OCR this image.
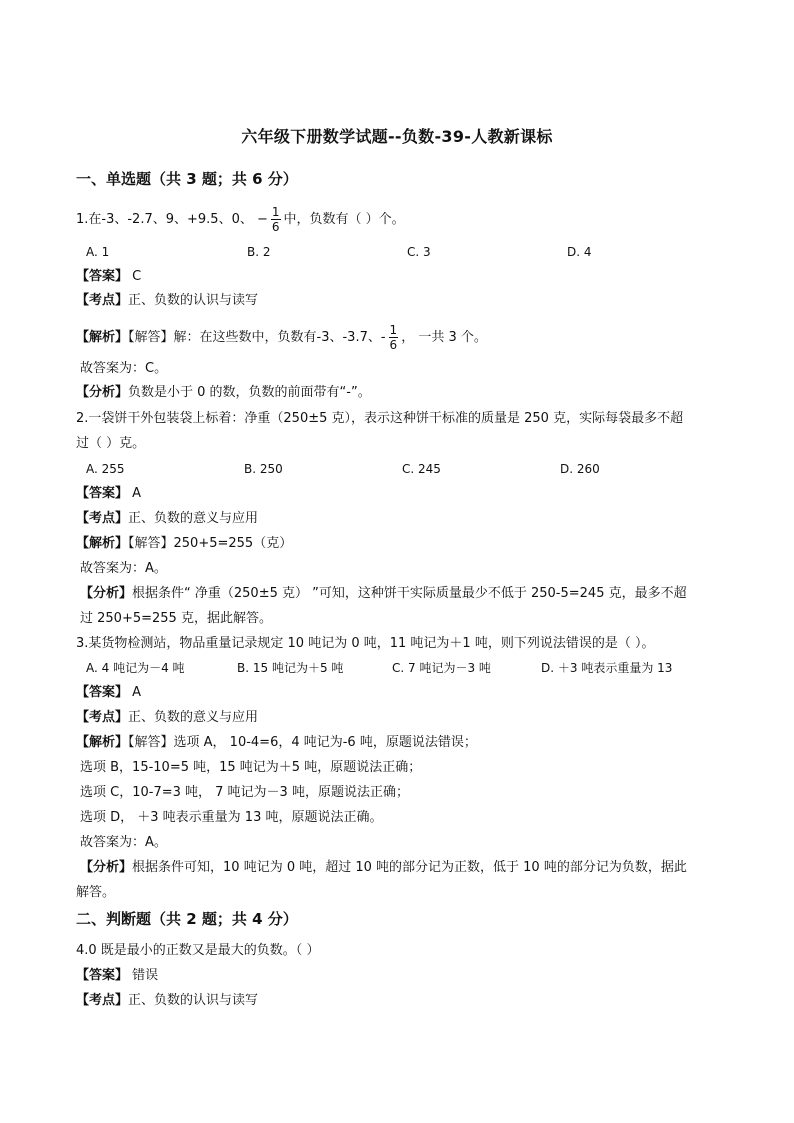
六年级下册数学试题--负数-39-人教新课标
一、单选题（共 3 题；共 6 分）
1.在-3、-2.7、9、+9.5、0、 − $\frac{1}{6}$ 中，负数有（ ）个。
A. 1	B. 2	C. 3	D. 4
【答案】 C
【考点】正、负数的认识与读写
【解析】【解答】解：在这些数中，负数有-3、-3.7、- $\frac{1}{6}$ ， 一共 3 个。
故答案为：C。
【分析】负数是小于 0 的数，负数的前面带有“-”。
2.一袋饼干外包装袋上标着：净重（250±5 克），表示这种饼干标准的质量是 250 克，实际每袋最多不超
过（ ）克。
A. 255	B. 250	C. 245	D. 260
【答案】 A
【考点】正、负数的意义与应用
【解析】【解答】250+5=255（克）
故答案为：A。
【分析】根据条件“ 净重（250±5 克） ”可知，这种饼干实际质量最少不低于 250-5=245 克，最多不超
过 250+5=255 克，据此解答。
3.某货物检测站，物品重量记录规定 10 吨记为 0 吨，11 吨记为＋1 吨，则下列说法错误的是（ ）。
A. 4 吨记为－4 吨	B. 15 吨记为＋5 吨	C. 7 吨记为－3 吨	D. ＋3 吨表示重量为 13
【答案】 A
【考点】正、负数的意义与应用
【解析】【解答】选项 A， 10-4=6，4 吨记为-6 吨，原题说法错误；
选项 B，15-10=5 吨，15 吨记为＋5 吨，原题说法正确；
选项 C，10-7=3 吨， 7 吨记为－3 吨，原题说法正确；
选项 D， ＋3 吨表示重量为 13 吨，原题说法正确。
故答案为：A。
【分析】根据条件可知，10 吨记为 0 吨，超过 10 吨的部分记为正数，低于 10 吨的部分记为负数，据此
解答。
二、判断题（共 2 题；共 4 分）
4.0 既是最小的正数又是最大的负数。（ ）
【答案】 错误
【考点】正、负数的认识与读写
